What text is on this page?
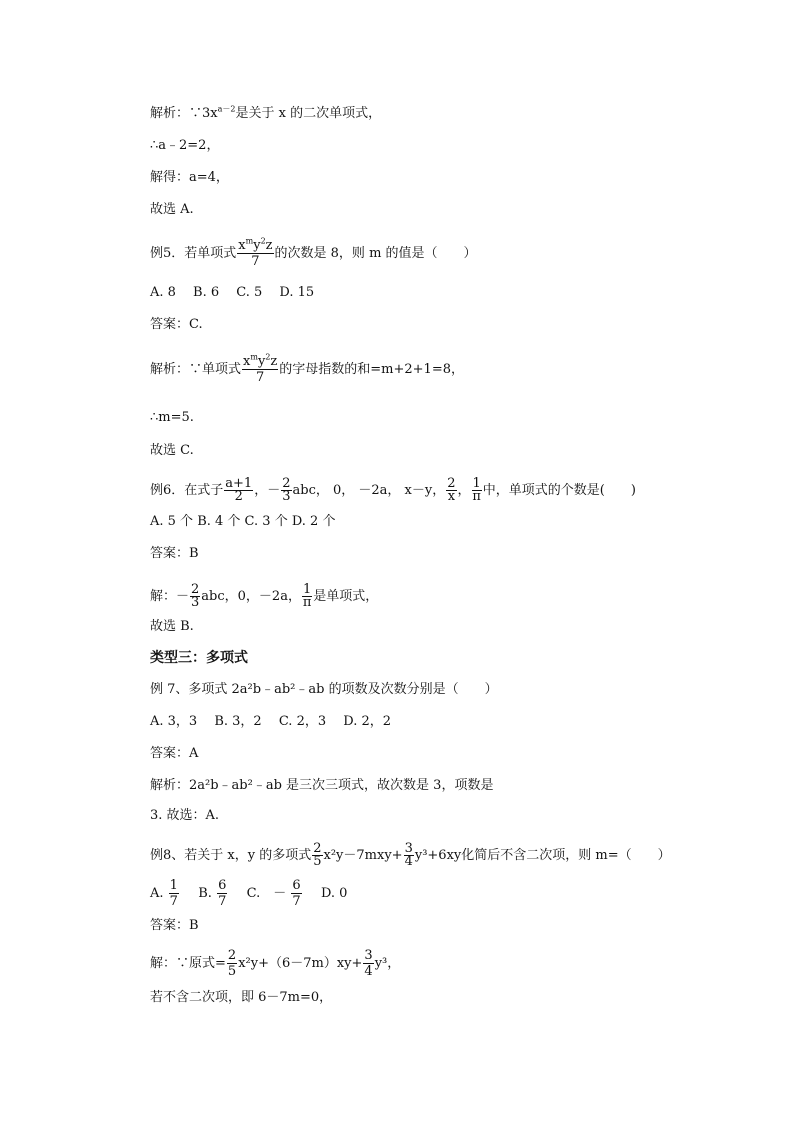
解析：$\because 3x^{a-2}$是关于 x 的二次单项式，
∴a﹣2=2，
解得：a=4，
故选 A.
例5．若单项式 $\frac{x^my^2z}{7}$ 的次数是 8，则 m 的值是（　　）
A. 8　 B. 6　 C. 5　 D. 15
答案：C.
解析：∵单项式 $\frac{x^my^2z}{7}$ 的字母指数的和=m+2+1=8，
∴m=5.
故选 C.
例6．在式子 $\frac{a+1}{2}$ ，－ $\frac{2}{3}$ abc， 0， －2a， x－y， $\frac{2}{x}$ ， $\frac{1}{\pi}$ 中，单项式的个数是(　　)
A. 5 个 B. 4 个 C. 3 个 D. 2 个
答案：B
解：－ $\frac{2}{3}$ abc，0，－2a， $\frac{1}{\pi}$ 是单项式，
故选 B.
类型三：多项式
例 7、多项式 2a²b﹣ab²﹣ab 的项数及次数分别是（　　）
A. 3，3　 B. 3，2　 C. 2，3　 D. 2，2
答案：A
解析：2a²b﹣ab²﹣ab 是三次三项式，故次数是 3，项数是
3. 故选：A.
例8、若关于 x，y 的多项式 $\frac{2}{5} x^2y-7mxy+ \frac{3}{4} y^3+6xy$化简后不含二次项，则 m=（　　）
A. $\frac{1}{7} B$. $\frac{6}{7} C$.　－ $\frac{6}{7} D$. 0
答案：B
解：∵原式= $\frac{2}{5} x^2y+(6-7m)xy+ \frac{3}{4} y^3$，
若不含二次项，即 6－7m=0，
